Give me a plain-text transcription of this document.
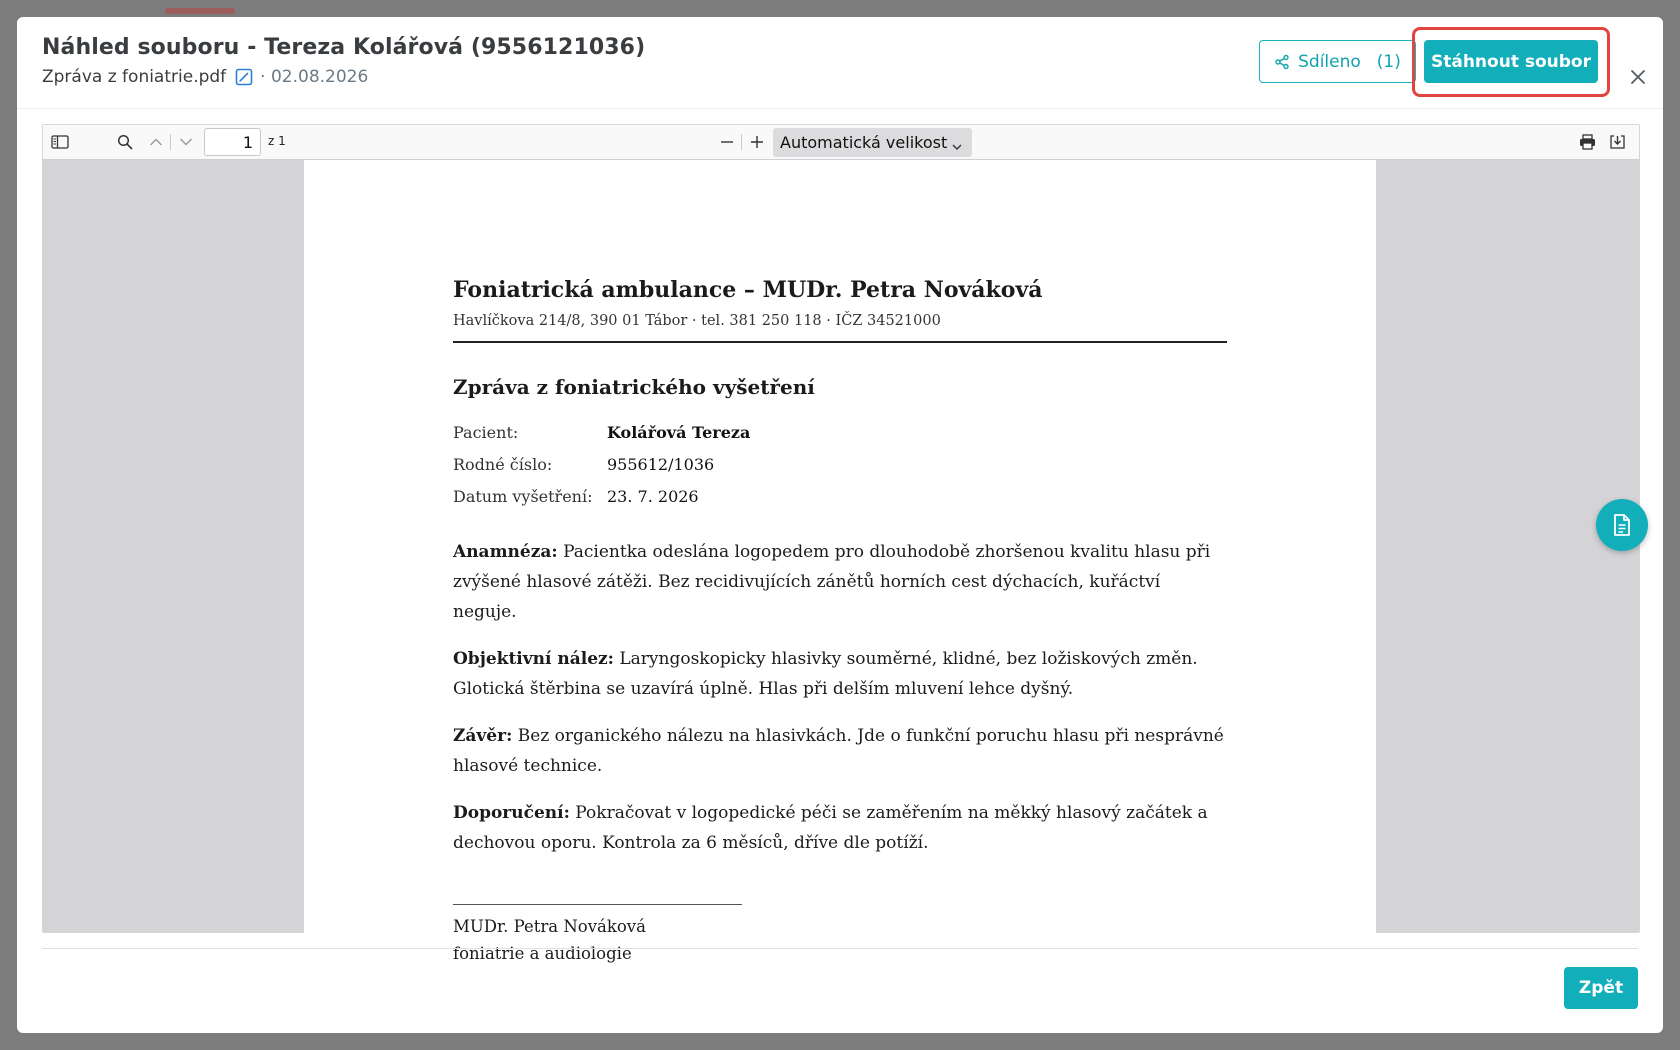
Náhled souboru - Tereza Kolářová (9556121036)
Zpráva z foniatrie.pdf · 02.08.2026
Sdíleno (1)	Stáhnout soubor
1
z 1	Automatická velikost
Foniatrická ambulance – MUDr. Petra Nováková
Havlíčkova 214/8, 390 01 Tábor · tel. 381 250 118 · IČZ 34521000
Zpráva z foniatrického vyšetření
Pacient:	Kolářová Tereza
Rodné číslo:	955612/1036
Datum vyšetření: 23. 7. 2026

Anamnéza: Pacientka odeslána logopedem pro dlouhodobě zhoršenou kvalitu hlasu při zvýšené hlasové zátěži. Bez recidivujících zánětů horních cest dýchacích, kuřáctví neguje.

Objektivní nález: Laryngoskopicky hlasivky souměrné, klidné, bez ložiskových změn. Glotická štěrbina se uzavírá úplně. Hlas při delším mluvení lehce dyšný.

Závěr: Bez organického nálezu na hlasivkách. Jde o funkční poruchu hlasu při nesprávné hlasové technice.

Doporučení: Pokračovat v logopedické péči se zaměřením na měkký hlasový začátek a dechovou oporu. Kontrola za 6 měsíců, dříve dle potíží.

MUDr. Petra Nováková
foniatrie a audiologie
Zpět
